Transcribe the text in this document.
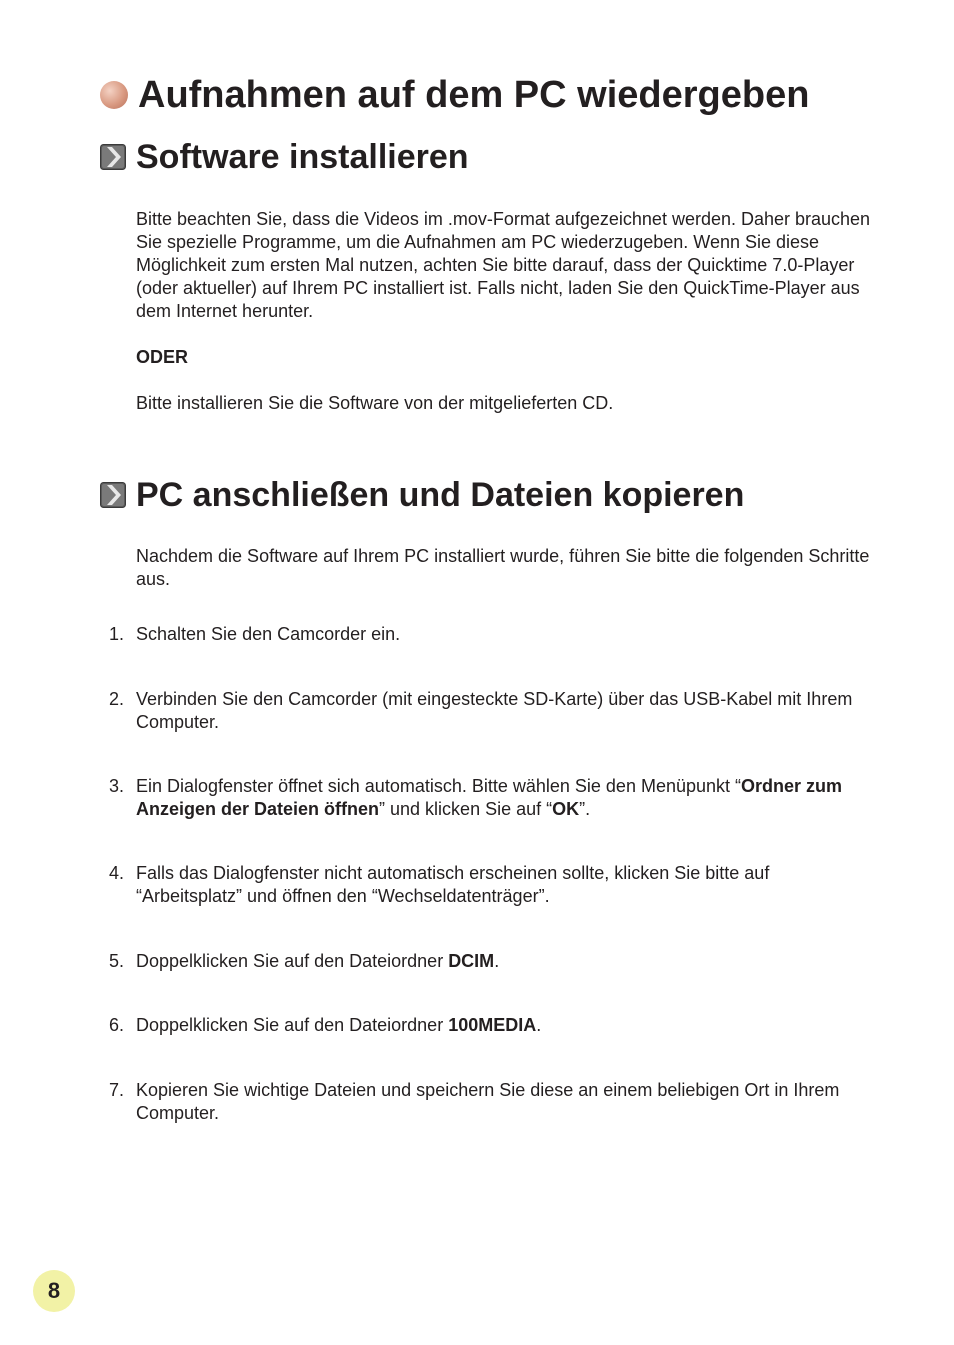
Aufnahmen auf dem PC wiedergeben
Software installieren

Bitte beachten Sie, dass die Videos im .mov-Format aufgezeichnet werden. Daher brauchen Sie spezielle Programme, um die Aufnahmen am PC wiederzugeben. Wenn Sie diese Möglichkeit zum ersten Mal nutzen, achten Sie bitte darauf, dass der Quicktime 7.0-Player (oder aktueller) auf Ihrem PC installiert ist. Falls nicht, laden Sie den QuickTime-Player aus dem Internet herunter.

ODER

Bitte installieren Sie die Software von der mitgelieferten CD.

PC anschließen und Dateien kopieren

Nachdem die Software auf Ihrem PC installiert wurde, führen Sie bitte die folgenden Schritte aus.

1. Schalten Sie den Camcorder ein.
2. Verbinden Sie den Camcorder (mit eingesteckte SD-Karte) über das USB-Kabel mit Ihrem Computer.
3. Ein Dialogfenster öffnet sich automatisch. Bitte wählen Sie den Menüpunkt “Ordner zum Anzeigen der Dateien öffnen” und klicken Sie auf “OK”.
4. Falls das Dialogfenster nicht automatisch erscheinen sollte, klicken Sie bitte auf “Arbeitsplatz” und öffnen den “Wechseldatenträger”.
5. Doppelklicken Sie auf den Dateiordner DCIM.
6. Doppelklicken Sie auf den Dateiordner 100MEDIA.
7. Kopieren Sie wichtige Dateien und speichern Sie diese an einem beliebigen Ort in Ihrem Computer.
8
